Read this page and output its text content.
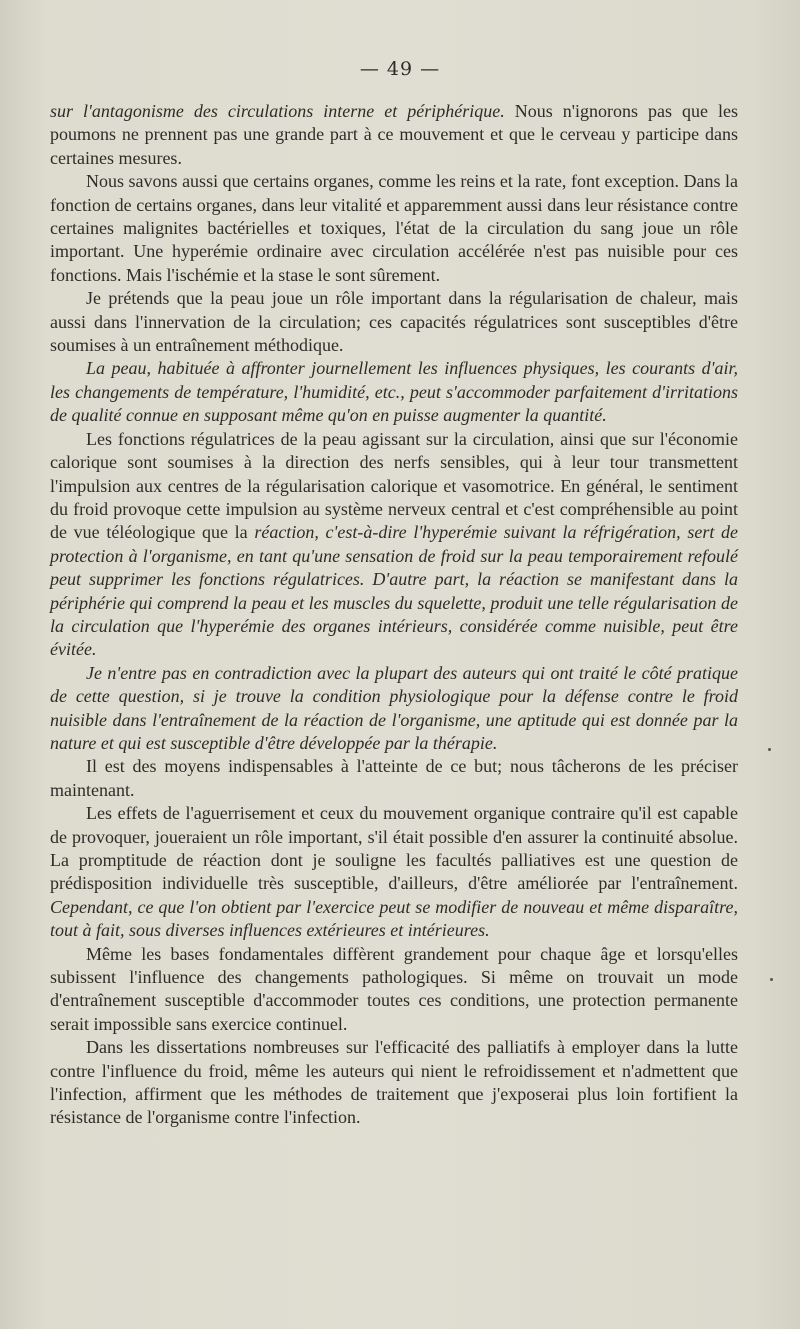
— 49 —

sur l'antagonisme des circulations interne et périphérique. Nous n'ignorons pas que les poumons ne prennent pas une grande part à ce mouvement et que le cerveau y participe dans certaines mesures.

Nous savons aussi que certains organes, comme les reins et la rate, font exception. Dans la fonction de certains organes, dans leur vitalité et apparemment aussi dans leur résistance contre certaines malignites bactérielles et toxiques, l'état de la circulation du sang joue un rôle important. Une hyperémie ordinaire avec circulation accélérée n'est pas nuisible pour ces fonctions. Mais l'ischémie et la stase le sont sûrement.

Je prétends que la peau joue un rôle important dans la régularisation de chaleur, mais aussi dans l'innervation de la circulation; ces capacités régulatrices sont susceptibles d'être soumises à un entraînement méthodique.

La peau, habituée à affronter journellement les influences physiques, les courants d'air, les changements de température, l'humidité, etc., peut s'accommoder parfaitement d'irritations de qualité connue en supposant même qu'on en puisse augmenter la quantité.

Les fonctions régulatrices de la peau agissant sur la circulation, ainsi que sur l'économie calorique sont soumises à la direction des nerfs sensibles, qui à leur tour transmettent l'impulsion aux centres de la régularisation calorique et vasomotrice. En général, le sentiment du froid provoque cette impulsion au système nerveux central et c'est compréhensible au point de vue téléologique que la réaction, c'est-à-dire l'hyperémie suivant la réfrigération, sert de protection à l'organisme, en tant qu'une sensation de froid sur la peau temporairement refoulé peut supprimer les fonctions régulatrices. D'autre part, la réaction se manifestant dans la périphérie qui comprend la peau et les muscles du squelette, produit une telle régularisation de la circulation que l'hyperémie des organes intérieurs, considérée comme nuisible, peut être évitée.

Je n'entre pas en contradiction avec la plupart des auteurs qui ont traité le côté pratique de cette question, si je trouve la condition physiologique pour la défense contre le froid nuisible dans l'entraînement de la réaction de l'organisme, une aptitude qui est donnée par la nature et qui est susceptible d'être développée par la thérapie.

Il est des moyens indispensables à l'atteinte de ce but; nous tâcherons de les préciser maintenant.

Les effets de l'aguerrisement et ceux du mouvement organique contraire qu'il est capable de provoquer, joueraient un rôle important, s'il était possible d'en assurer la continuité absolue. La promptitude de réaction dont je souligne les facultés palliatives est une question de prédisposition individuelle très susceptible, d'ailleurs, d'être améliorée par l'entraînement. Cependant, ce que l'on obtient par l'exercice peut se modifier de nouveau et même disparaître, tout à fait, sous diverses influences extérieures et intérieures.

Même les bases fondamentales diffèrent grandement pour chaque âge et lorsqu'elles subissent l'influence des changements pathologiques. Si même on trouvait un mode d'entraînement susceptible d'accommoder toutes ces conditions, une protection permanente serait impossible sans exercice continuel.

Dans les dissertations nombreuses sur l'efficacité des palliatifs à employer dans la lutte contre l'influence du froid, même les auteurs qui nient le refroidissement et n'admettent que l'infection, affirment que les méthodes de traitement que j'exposerai plus loin fortifient la résistance de l'organisme contre l'infection.
